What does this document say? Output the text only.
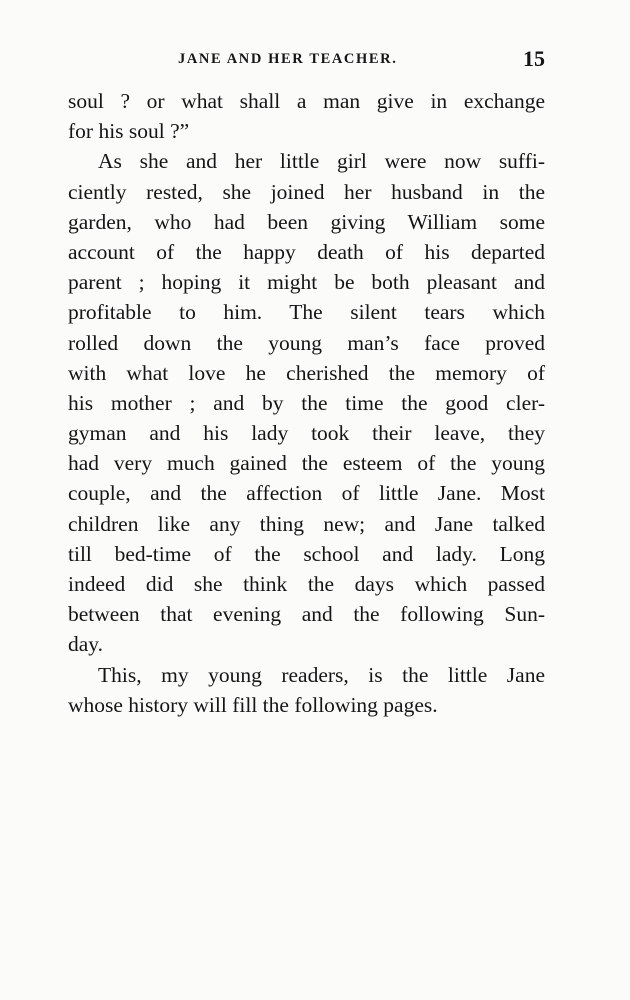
JANE AND HER TEACHER.	15
soul ? or what shall a man give in exchange
for his soul ?”
As she and her little girl were now suffi-
ciently rested, she joined her husband in the
garden, who had been giving William some
account of the happy death of his departed
parent ; hoping it might be both pleasant and
profitable to him. The silent tears which
rolled down the young man’s face proved
with what love he cherished the memory of
his mother ; and by the time the good cler-
gyman and his lady took their leave, they
had very much gained the esteem of the young
couple, and the affection of little Jane. Most
children like any thing new; and Jane talked
till bed-time of the school and lady. Long
indeed did she think the days which passed
between that evening and the following Sun-
day.
This, my young readers, is the little Jane
whose history will fill the following pages.
